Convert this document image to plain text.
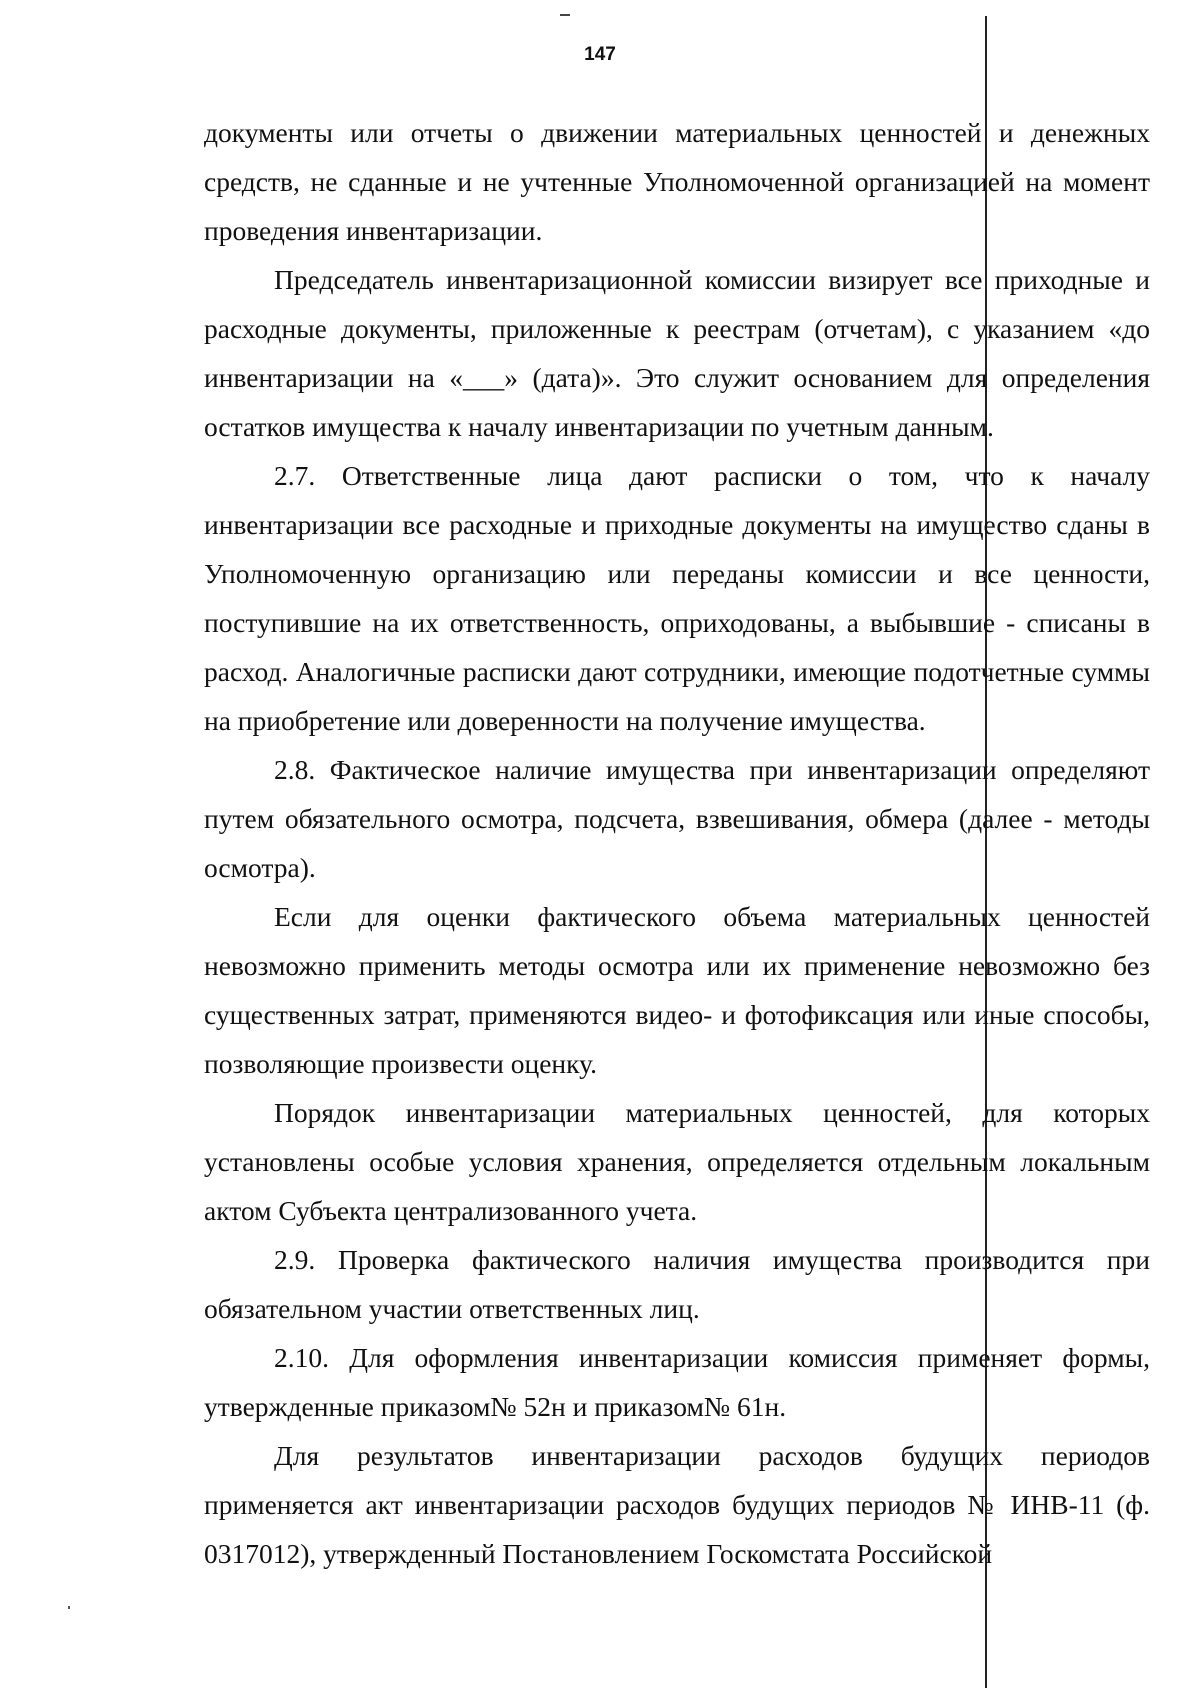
147

документы или отчеты о движении материальных ценностей и денежных средств, не сданные и не учтенные Уполномоченной организацией на момент проведения инвентаризации.

Председатель инвентаризационной комиссии визирует все приходные и расходные документы, приложенные к реестрам (отчетам), с указанием «до инвентаризации на «___» (дата)». Это служит основанием для определения остатков имущества к началу инвентаризации по учетным данным.

2.7. Ответственные лица дают расписки о том, что к началу инвентаризации все расходные и приходные документы на имущество сданы в Уполномоченную организацию или переданы комиссии и все ценности, поступившие на их ответственность, оприходованы, а выбывшие - списаны в расход. Аналогичные расписки дают сотрудники, имеющие подотчетные суммы на приобретение или доверенности на получение имущества.

2.8. Фактическое наличие имущества при инвентаризации определяют путем обязательного осмотра, подсчета, взвешивания, обмера (далее - методы осмотра).

Если для оценки фактического объема материальных ценностей невозможно применить методы осмотра или их применение невозможно без существенных затрат, применяются видео- и фотофиксация или иные способы, позволяющие произвести оценку.

Порядок инвентаризации материальных ценностей, для которых установлены особые условия хранения, определяется отдельным локальным актом Субъекта централизованного учета.

2.9. Проверка фактического наличия имущества производится при обязательном участии ответственных лиц.

2.10. Для оформления инвентаризации комиссия применяет формы, утвержденные приказом№ 52н и приказом№ 61н.

Для результатов инвентаризации расходов будущих периодов применяется акт инвентаризации расходов будущих периодов № ИНВ-11 (ф. 0317012), утвержденный Постановлением Госкомстата Российской
